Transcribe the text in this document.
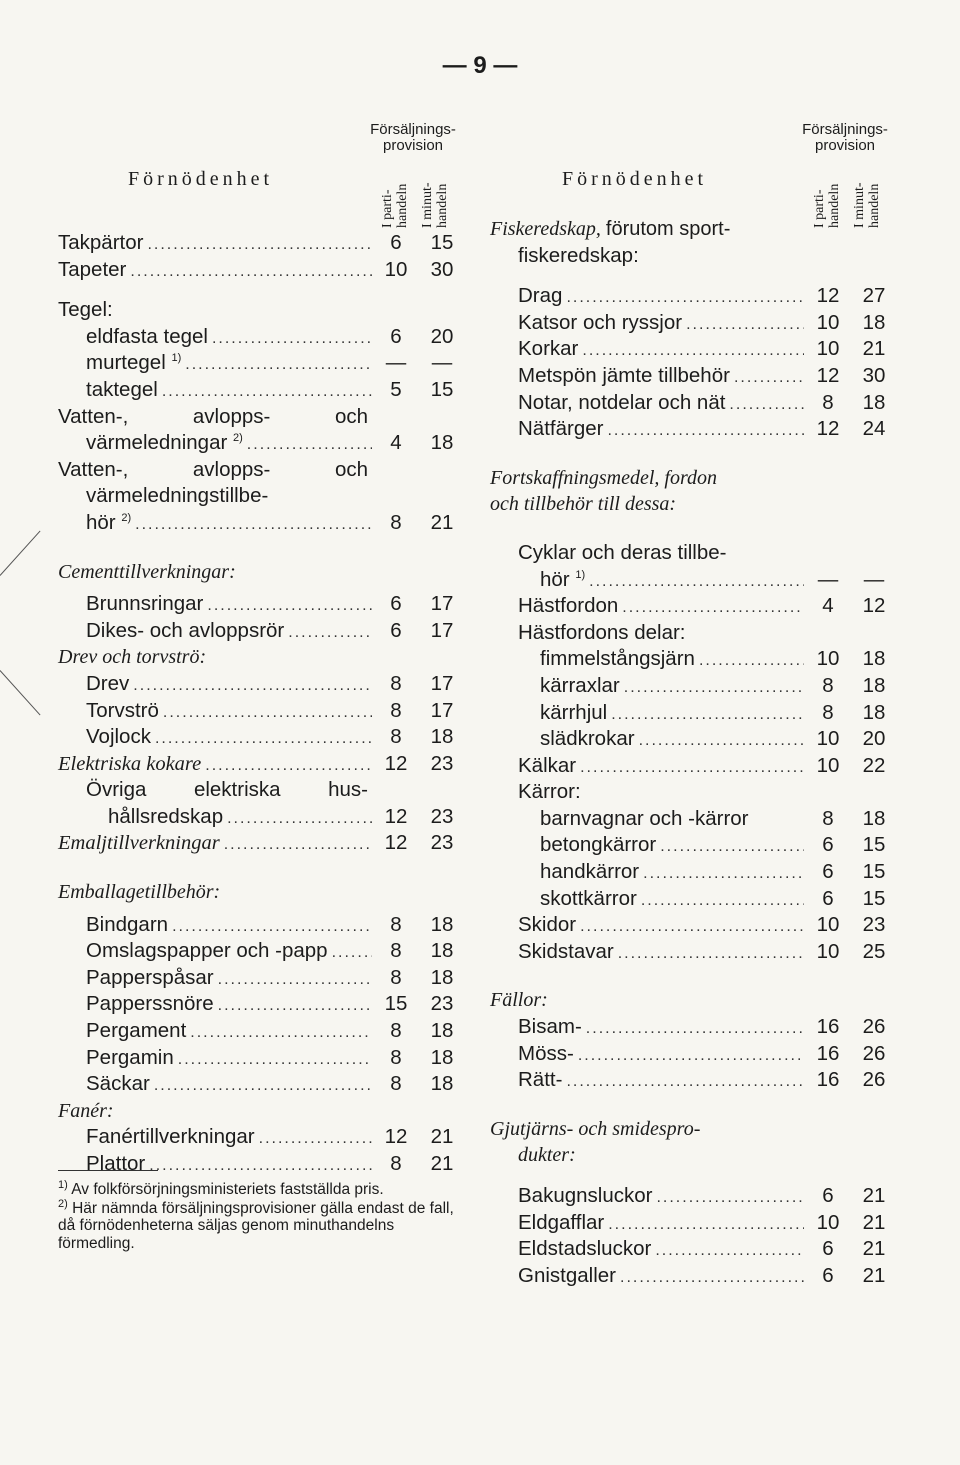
— 9 —
Förnödenhet
Försäljnings-
provision
I parti-
handeln I minut-
handeln
Takpärtor .....	6	15
Tapeter .....	10	30
Tegel:
eldfasta tegel .....	6	20
murtegel $^{1)}$ .....	—	—
taktegel .....	5	15
Vatten-,	avlopps-	och
värmeledningar $^{2)}$ .....	4	18
Vatten-,	avlopps-	och
värmeledningstillbe-
hör $^{2)}$ .....	8	21
Cementtillverkningar:
Brunnsringar .....	6	17
Dikes- och avloppsrör .....	6	17
Drev och torvströ:
Drev .....	8	17
Torvströ .....	8	17
Vojlock .....	8	18
Elektriska kokare .....	12	23
Övriga elektriska hus-
hållsredskap .....	12	23
Emaljtillverkningar .....	12	23
Emballagetillbehör:
Bindgarn .....	8	18
Omslagspapper och -papp .....	8	18
Papperspåsar .....	8	18
Papperssnöre .....	15	23
Pergament .....	8	18
Pergamin .....	8	18
Säckar .....	8	18
Fanér:
Fanértillverkningar .....	12	21
Plattor .....	8	21

$^{1)}$ Av folkförsörjningsministeriets fastställda pris.

$^{2)}$ Här nämnda försäljningsprovisioner gälla endast de fall, då förnödenheterna säljas genom minuthandelns förmedling.

Förnödenhet
Försäljnings-
provision
I parti-
handeln I minut-
handeln
Fiskeredskap, förutom sport-
fiskeredskap:
Drag .....	12	27
Katsor och ryssjor .....	10	18
Korkar .....	10	21
Metspön jämte tillbehör .....	12	30
Notar, notdelar och nät .....	8	18
Nätfärger .....	12	24
Fortskaffningsmedel, fordon
och tillbehör till dessa:
Cyklar och deras tillbe-
hör $^{1)}$ .....	—	—
Hästfordon .....	4	12
Hästfordons delar:
fimmelstångsjärn .....	10	18
kärraxlar .....	8	18
kärrhjul .....	8	18
slädkrokar .....	10	20
Kälkar .....	10	22
Kärror:
barnvagnar och -kärror	8	18
betongkärror .....	6	15
handkärror .....	6	15
skottkärror .....	6	15
Skidor .....	10	23
Skidstavar .....	10	25
Fällor:
Bisam- .....	16	26
Möss- .....	16	26
Rätt- .....	16	26
Gjutjärns- och smidespro-
dukter:
Bakugnsluckor .....	6	21
Eldgafflar .....	10	21
Eldstadsluckor .....	6	21
Gnistgaller .....	6	21
